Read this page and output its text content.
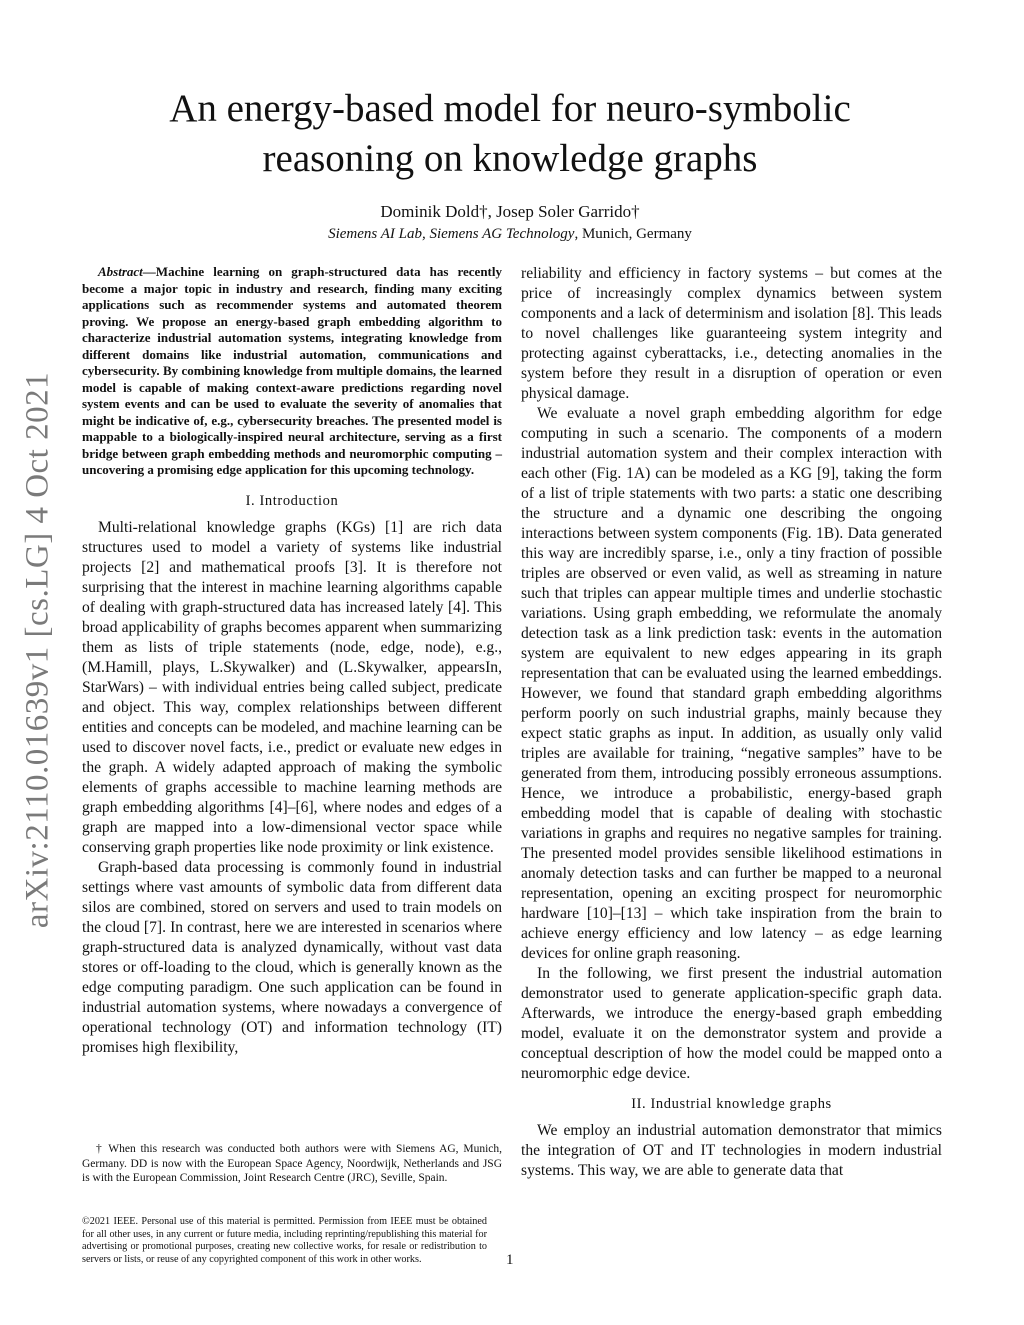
arXiv:2110.01639v1 [cs.LG] 4 Oct 2021
An energy-based model for neuro-symbolic
reasoning on knowledge graphs
Dominik Dold†, Josep Soler Garrido†
Siemens AI Lab, Siemens AG Technology, Munich, Germany

Abstract—Machine learning on graph-structured data has recently become a major topic in industry and research, finding many exciting applications such as recommender systems and automated theorem proving. We propose an energy-based graph embedding algorithm to characterize industrial automation systems, integrating knowledge from different domains like industrial automation, communications and cybersecurity. By combining knowledge from multiple domains, the learned model is capable of making context-aware predictions regarding novel system events and can be used to evaluate the severity of anomalies that might be indicative of, e.g., cybersecurity breaches. The presented model is mappable to a biologically-inspired neural architecture, serving as a first bridge between graph embedding methods and neuromorphic computing – uncovering a promising edge application for this upcoming technology.

I. Introduction

Multi-relational knowledge graphs (KGs) [1] are rich data structures used to model a variety of systems like industrial projects [2] and mathematical proofs [3]. It is therefore not surprising that the interest in machine learning algorithms capable of dealing with graph-structured data has increased lately [4]. This broad applicability of graphs becomes apparent when summarizing them as lists of triple statements (node, edge, node), e.g., (M.Hamill, plays, L.Skywalker) and (L.Skywalker, appearsIn, StarWars) – with individual entries being called subject, predicate and object. This way, complex relationships between different entities and concepts can be modeled, and machine learning can be used to discover novel facts, i.e., predict or evaluate new edges in the graph. A widely adapted approach of making the symbolic elements of graphs accessible to machine learning methods are graph embedding algorithms [4]–[6], where nodes and edges of a graph are mapped into a low-dimensional vector space while conserving graph properties like node proximity or link existence.

Graph-based data processing is commonly found in industrial settings where vast amounts of symbolic data from different data silos are combined, stored on servers and used to train models on the cloud [7]. In contrast, here we are interested in scenarios where graph-structured data is analyzed dynamically, without vast data stores or off-loading to the cloud, which is generally known as the edge computing paradigm. One such application can be found in industrial automation systems, where nowadays a convergence of operational technology (OT) and information technology (IT) promises high flexibility,

reliability and efficiency in factory systems – but comes at the price of increasingly complex dynamics between system components and a lack of determinism and isolation [8]. This leads to novel challenges like guaranteeing system integrity and protecting against cyberattacks, i.e., detecting anomalies in the system before they result in a disruption of operation or even physical damage.

We evaluate a novel graph embedding algorithm for edge computing in such a scenario. The components of a modern industrial automation system and their complex interaction with each other (Fig. 1A) can be modeled as a KG [9], taking the form of a list of triple statements with two parts: a static one describing the structure and a dynamic one describing the ongoing interactions between system components (Fig. 1B). Data generated this way are incredibly sparse, i.e., only a tiny fraction of possible triples are observed or even valid, as well as streaming in nature such that triples can appear multiple times and underlie stochastic variations. Using graph embedding, we reformulate the anomaly detection task as a link prediction task: events in the automation system are equivalent to new edges appearing in its graph representation that can be evaluated using the learned embeddings. However, we found that standard graph embedding algorithms perform poorly on such industrial graphs, mainly because they expect static graphs as input. In addition, as usually only valid triples are available for training, “negative samples” have to be generated from them, introducing possibly erroneous assumptions. Hence, we introduce a probabilistic, energy-based graph embedding model that is capable of dealing with stochastic variations in graphs and requires no negative samples for training. The presented model provides sensible likelihood estimations in anomaly detection tasks and can further be mapped to a neuronal representation, opening an exciting prospect for neuromorphic hardware [10]–[13] – which take inspiration from the brain to achieve energy efficiency and low latency – as edge learning devices for online graph reasoning.

In the following, we first present the industrial automation demonstrator used to generate application-specific graph data. Afterwards, we introduce the energy-based graph embedding model, evaluate it on the demonstrator system and provide a conceptual description of how the model could be mapped onto a neuromorphic edge device.

II. Industrial knowledge graphs

We employ an industrial automation demonstrator that mimics the integration of OT and IT technologies in modern industrial systems. This way, we are able to generate data that

† When this research was conducted both authors were with Siemens AG, Munich, Germany. DD is now with the European Space Agency, Noordwijk, Netherlands and JSG is with the European Commission, Joint Research Centre (JRC), Seville, Spain.
©2021 IEEE. Personal use of this material is permitted. Permission from IEEE must be obtained for all other uses, in any current or future media, including reprinting/republishing this material for advertising or promotional purposes, creating new collective works, for resale or redistribution to servers or lists, or reuse of any copyrighted component of this work in other works.	1
